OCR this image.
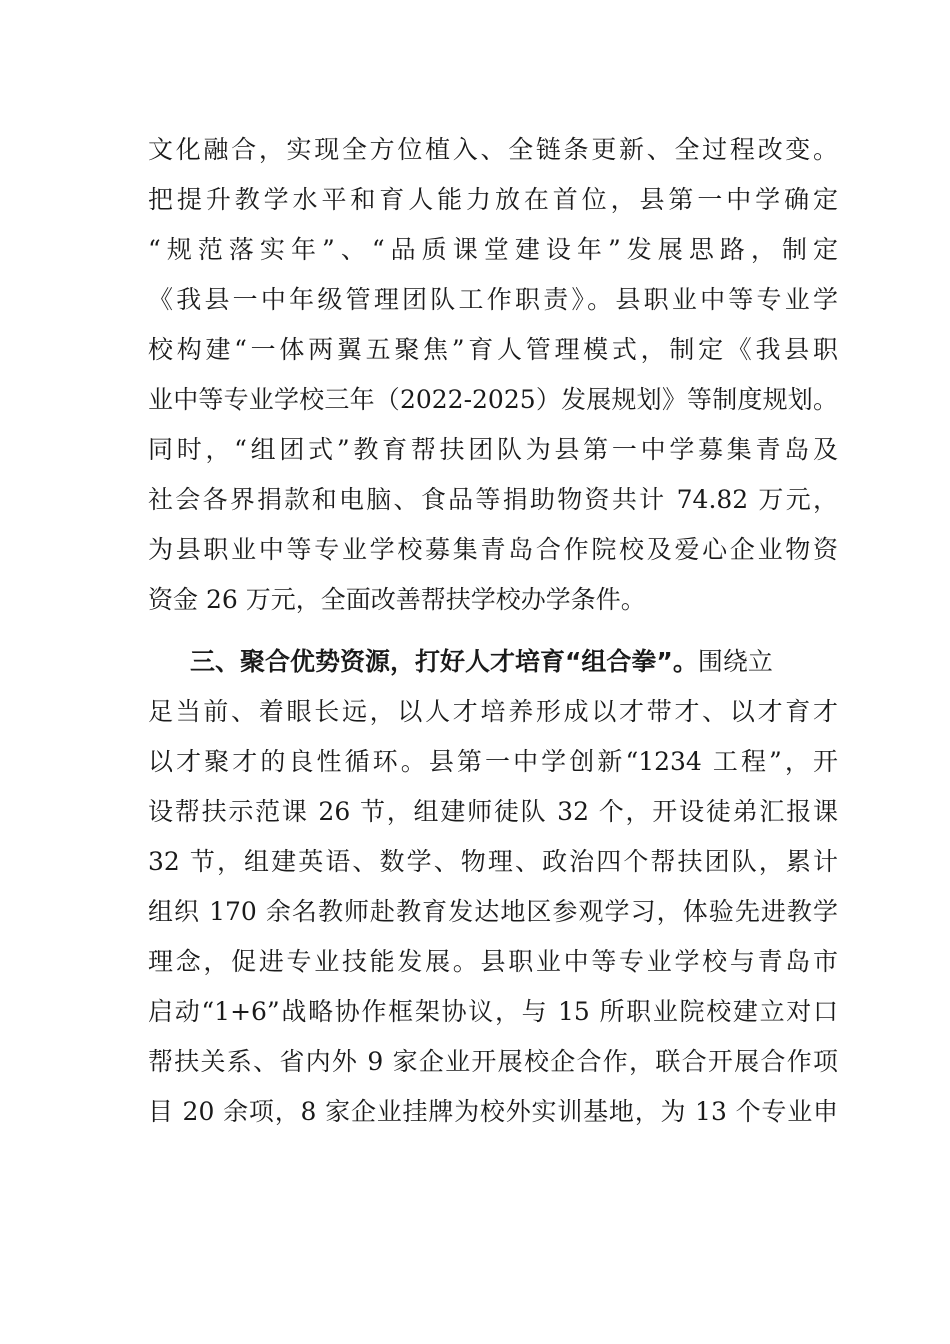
文化融合，实现全方位植入、全链条更新、全过程改变。
把提升教学水平和育人能力放在首位，县第一中学确定
“规范落实年”、“品质课堂建设年”发展思路，制定
《我县一中年级管理团队工作职责》。县职业中等专业学
校构建“一体两翼五聚焦”育人管理模式，制定《我县职
业中等专业学校三年（2022-2025）发展规划》等制度规划。
同时，“组团式”教育帮扶团队为县第一中学募集青岛及
社会各界捐款和电脑、食品等捐助物资共计 74.82 万元，
为县职业中等专业学校募集青岛合作院校及爱心企业物资
资金 26 万元，全面改善帮扶学校办学条件。
三、聚合优势资源，打好人才培育“组合拳”。围绕立
足当前、着眼长远，以人才培养形成以才带才、以才育才
以才聚才的良性循环。县第一中学创新“1234 工程”，开
设帮扶示范课 26 节，组建师徒队 32 个，开设徒弟汇报课
32 节，组建英语、数学、物理、政治四个帮扶团队，累计
组织 170 余名教师赴教育发达地区参观学习，体验先进教学
理念，促进专业技能发展。县职业中等专业学校与青岛市
启动“1+6”战略协作框架协议，与 15 所职业院校建立对口
帮扶关系、省内外 9 家企业开展校企合作，联合开展合作项
目 20 余项，8 家企业挂牌为校外实训基地，为 13 个专业申
